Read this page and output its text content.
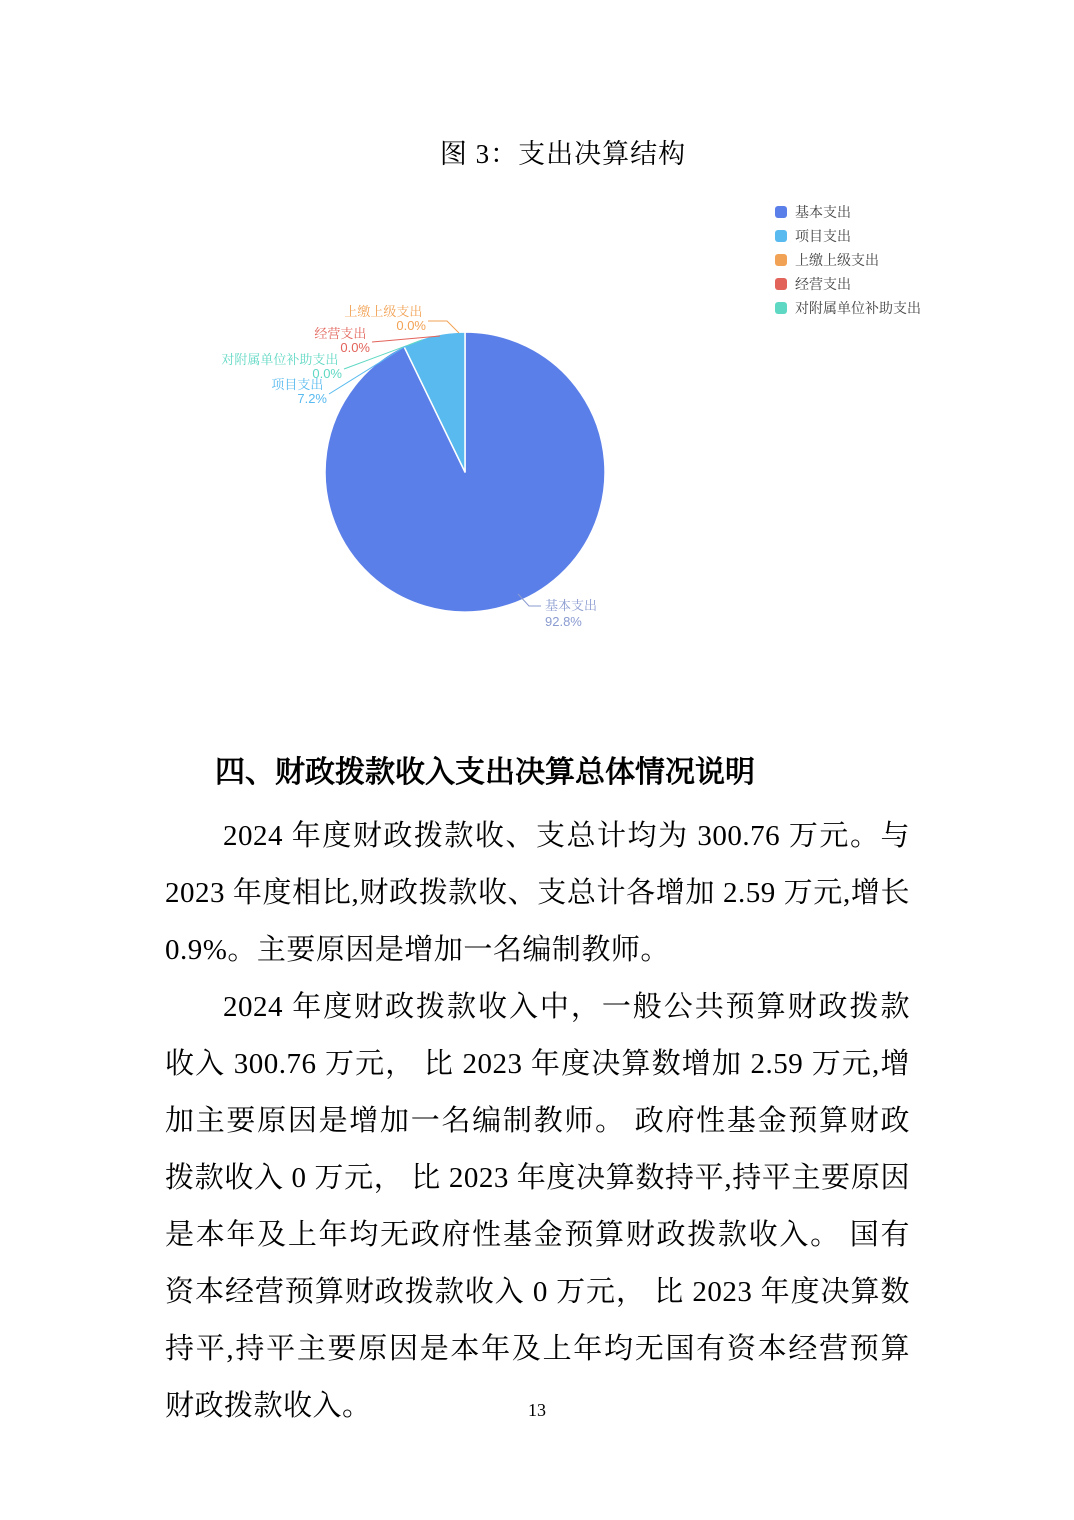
图 3：支出决算结构
上缴上级支出 0.0%
经营支出 0.0%
对附属单位补助支出 0.0%
项目支出 7.2%
基本支出 92.8%
基本支出
项目支出
上缴上级支出
经营支出
对附属单位补助支出
四、财政拨款收入支出决算总体情况说明

2024 年度财政拨款收、支总计均为 300.76 万元。与 2023 年度相比,财政拨款收、支总计各增加 2.59 万元,增长 0.9%。主要原因是增加一名编制教师。

2024 年度财政拨款收入中，一般公共预算财政拨款收入 300.76 万元， 比 2023 年度决算数增加 2.59 万元,增加主要原因是增加一名编制教师。 政府性基金预算财政拨款收入 0 万元， 比 2023 年度决算数持平,持平主要原因是本年及上年均无政府性基金预算财政拨款收入。 国有资本经营预算财政拨款收入 0 万元， 比 2023 年度决算数持平,持平主要原因是本年及上年均无国有资本经营预算财政拨款收入。	13
